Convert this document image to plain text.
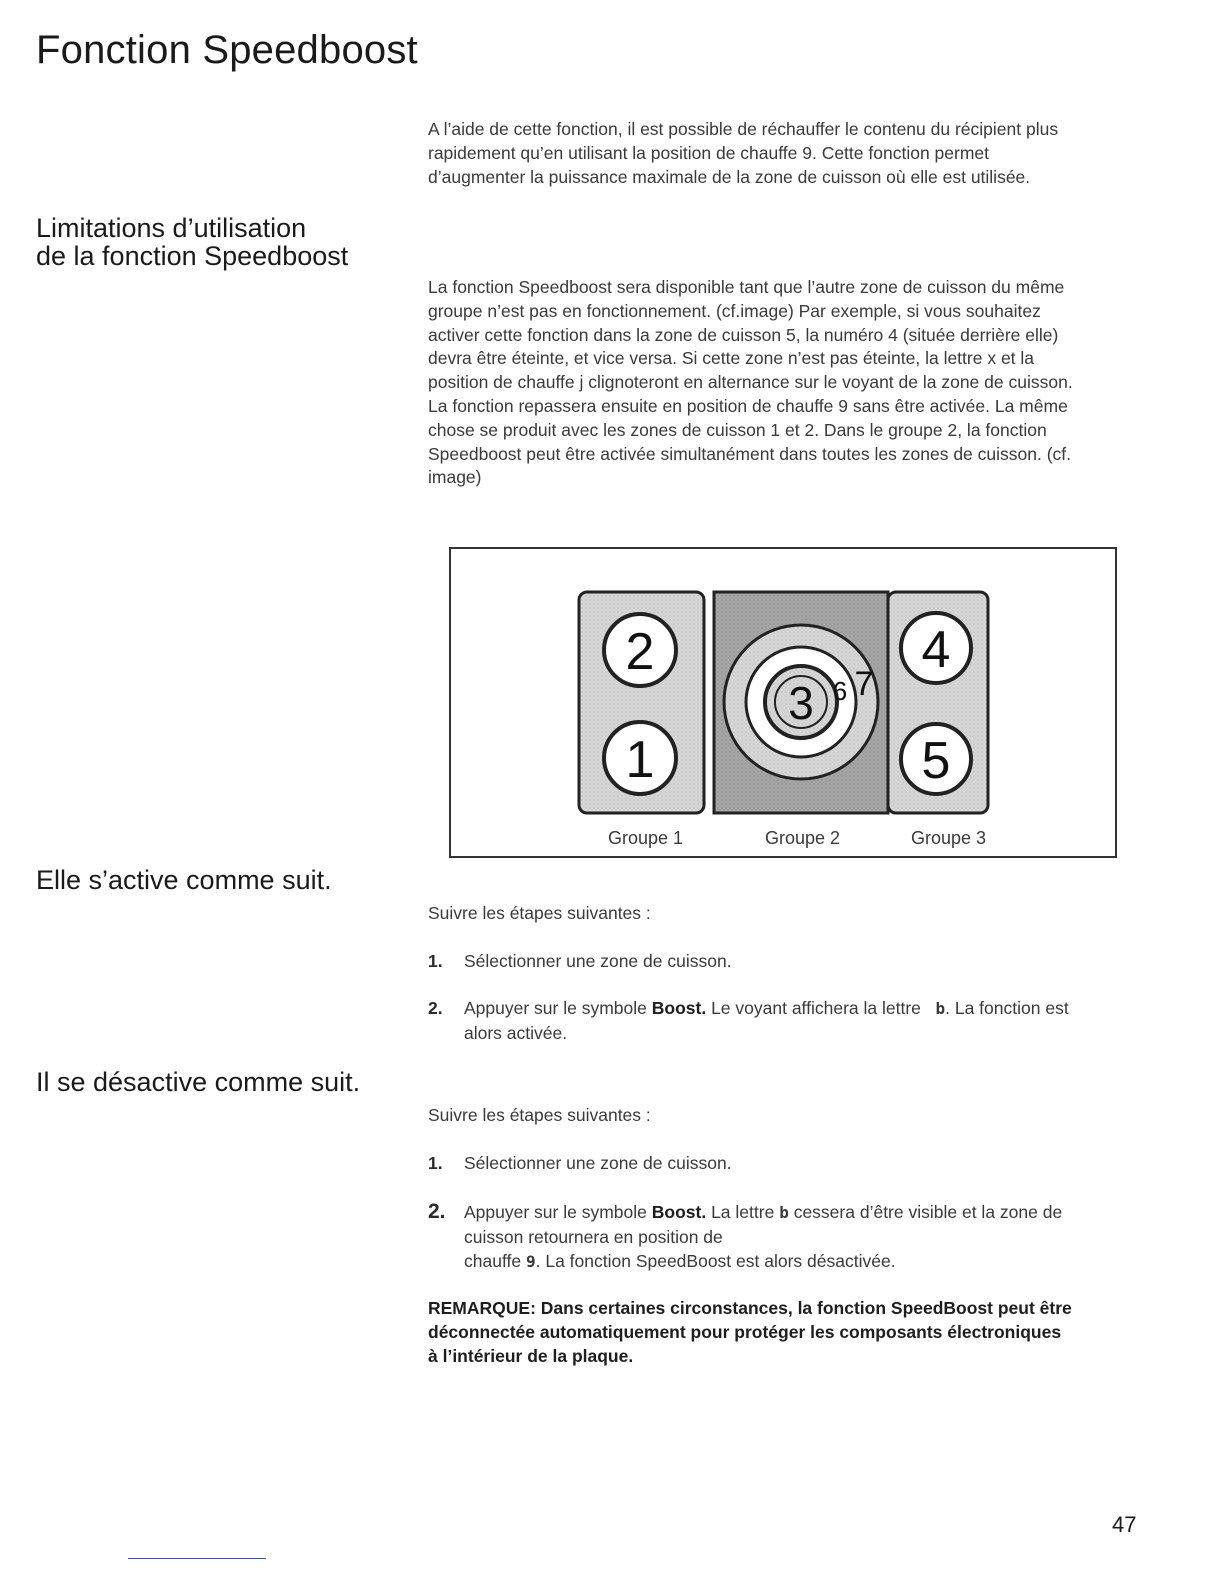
Fonction Speedboost
A l’aide de cette fonction, il est possible de réchauffer le contenu du récipient plus
rapidement qu’en utilisant la position de chauffe 9. Cette fonction permet
d’augmenter la puissance maximale de la zone de cuisson où elle est utilisée.
Limitations d’utilisation
de la fonction Speedboost
La fonction Speedboost sera disponible tant que l’autre zone de cuisson du même
groupe n’est pas en fonctionnement. (cf.image) Par exemple, si vous souhaitez
activer cette fonction dans la zone de cuisson 5, la numéro 4 (située derrière elle)
devra être éteinte, et vice versa. Si cette zone n’est pas éteinte, la lettre x et la
position de chauffe j clignoteront en alternance sur le voyant de la zone de cuisson.
La fonction repassera ensuite en position de chauffe 9 sans être activée. La même
chose se produit avec les zones de cuisson 1 et 2. Dans le groupe 2, la fonction
Speedboost peut être activée simultanément dans toutes les zones de cuisson. (cf.
image)
2
1
3 6 7
4
5
Groupe 1	Groupe 2	Groupe 3
Elle s’active comme suit.
Suivre les étapes suivantes :
1. Sélectionner une zone de cuisson.
2. Appuyer sur le symbole Boost. Le voyant affichera la lettre b. La fonction est
alors activée.
Il se désactive comme suit.
Suivre les étapes suivantes :
1. Sélectionner une zone de cuisson.
2. Appuyer sur le symbole Boost. La lettre b cessera d’être visible et la zone de
cuisson retournera en position de
chauffe 9. La fonction SpeedBoost est alors désactivée.
REMARQUE: Dans certaines circonstances, la fonction SpeedBoost peut être
déconnectée automatiquement pour protéger les composants électroniques
à l’intérieur de la plaque.
47
